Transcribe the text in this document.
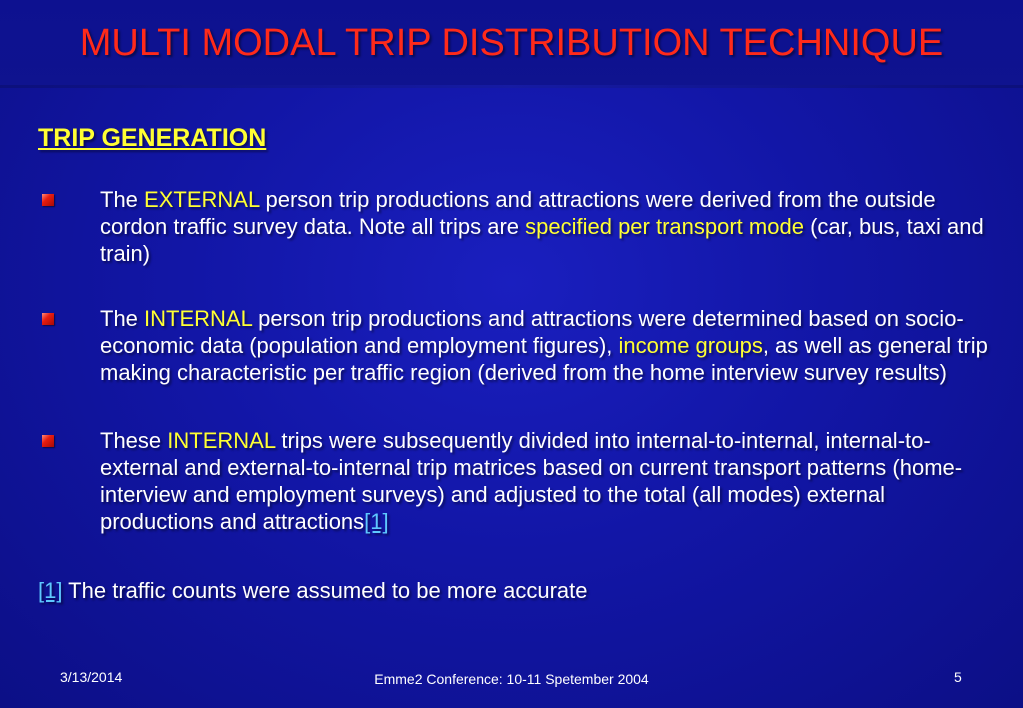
MULTI MODAL TRIP DISTRIBUTION TECHNIQUE
TRIP GENERATION
The EXTERNAL person trip productions and attractions were derived from the outside cordon traffic survey data. Note all trips are specified per transport mode (car, bus, taxi and train)
The INTERNAL person trip productions and attractions were determined based on socio-economic data (population and employment figures), income groups, as well as general trip making characteristic per traffic region (derived from the home interview survey results)
These INTERNAL trips were subsequently divided into internal-to-internal, internal-to-external and external-to-internal trip matrices based on current transport patterns (home-interview and employment surveys) and adjusted to the total (all modes) external productions and attractions[1]
[1] The traffic counts were assumed to be more accurate
3/13/2014	Emme2 Conference: 10-11 Spetember 2004	5
